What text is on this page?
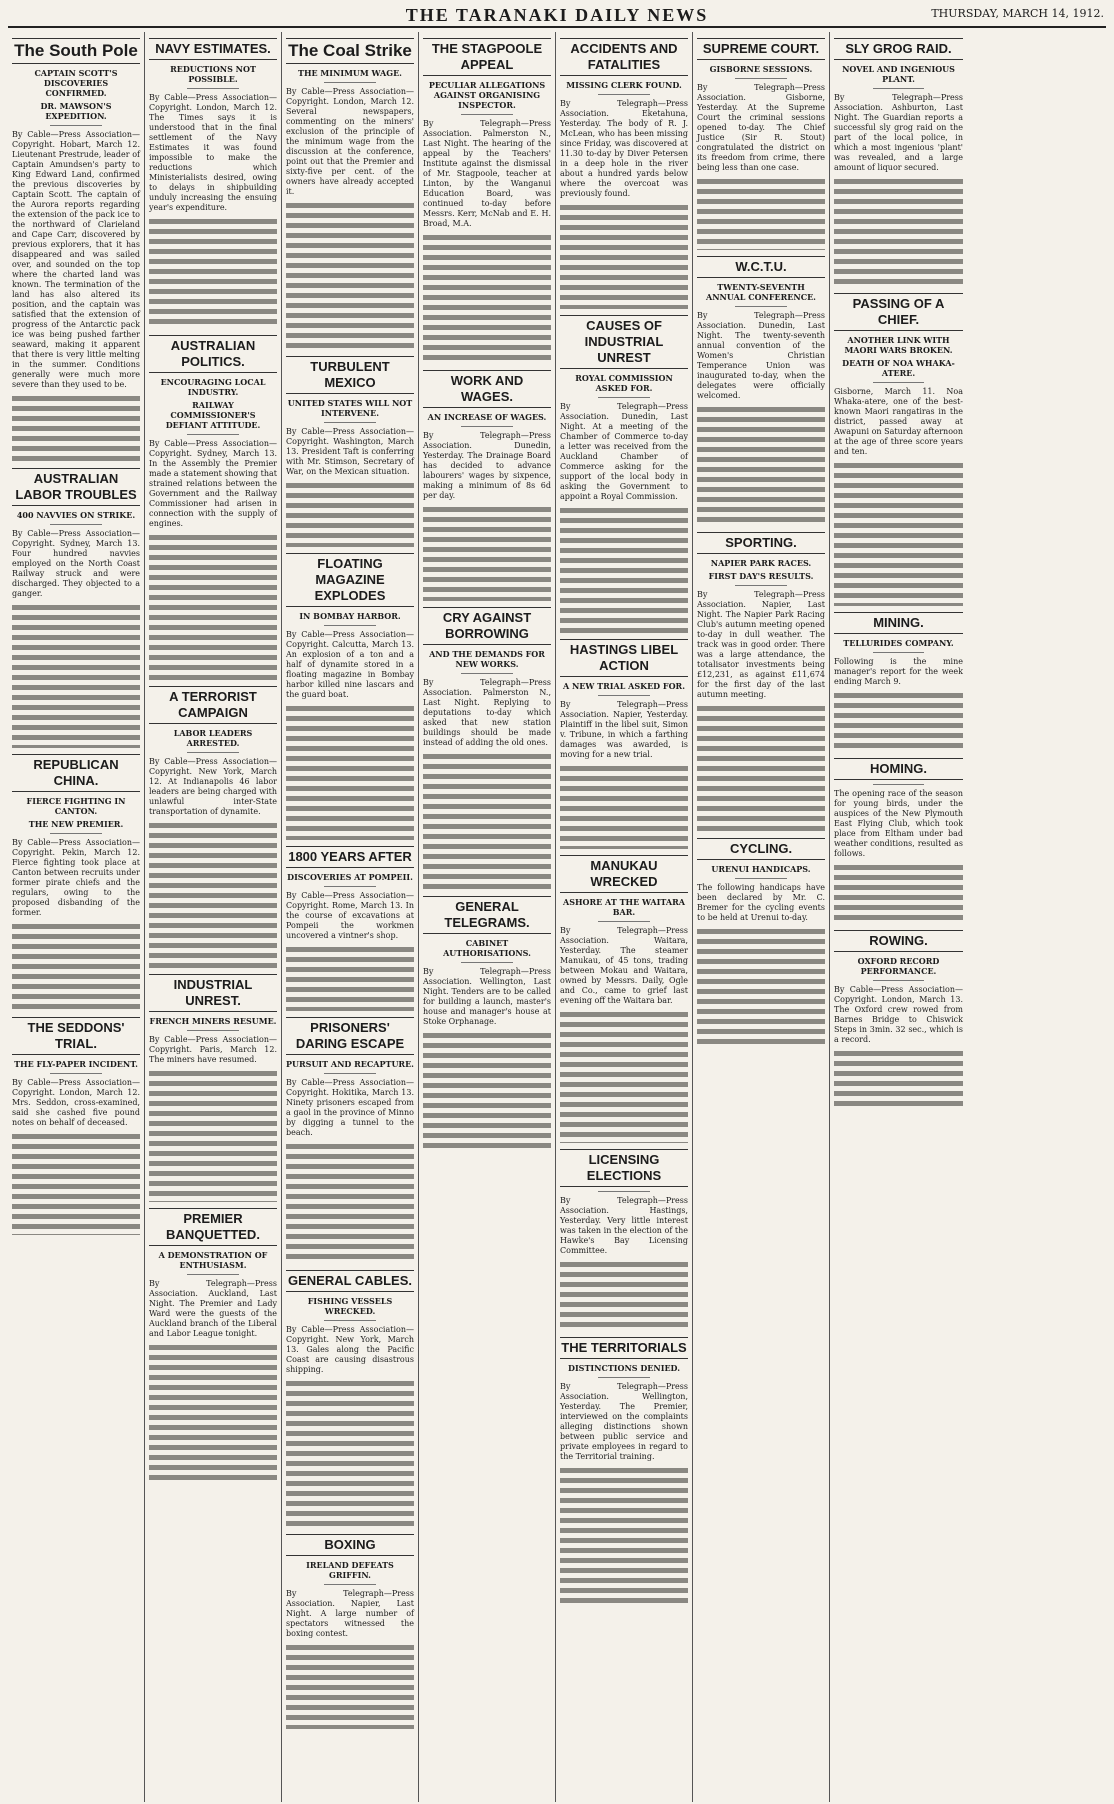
THE TARANAKI DAILY NEWS	THURSDAY, MARCH 14, 1912.
The South Pole
CAPTAIN SCOTT'S DISCOVERIES CONFIRMED.
DR. MAWSON'S EXPEDITION.
By Cable—Press Association—Copyright. Hobart, March 12. Lieutenant Prestrude, leader of Captain Amundsen's party to King Edward Land, confirmed the previous discoveries by Captain Scott. The captain of the Aurora reports regarding the extension of the pack ice to the northward of Clarieland and Cape Carr, discovered by previous explorers, that it has disappeared and was sailed over, and sounded on the top where the charted land was known. The termination of the land has also altered its position, and the captain was satisfied that the extension of progress of the Antarctic pack ice was being pushed farther seaward, making it apparent that there is very little melting in the summer. Conditions generally were much more severe than they used to be.
AUSTRALIAN LABOR TROUBLES
400 NAVVIES ON STRIKE.
By Cable—Press Association—Copyright. Sydney, March 13. Four hundred navvies employed on the North Coast Railway struck and were discharged. They objected to a ganger.
REPUBLICAN CHINA.
FIERCE FIGHTING IN CANTON.
THE NEW PREMIER.
By Cable—Press Association—Copyright. Pekin, March 12. Fierce fighting took place at Canton between recruits under former pirate chiefs and the regulars, owing to the proposed disbanding of the former.
THE SEDDONS' TRIAL.
THE FLY-PAPER INCIDENT.
By Cable—Press Association—Copyright. London, March 12. Mrs. Seddon, cross-examined, said she cashed five pound notes on behalf of deceased.
NAVY ESTIMATES.
REDUCTIONS NOT POSSIBLE.
By Cable—Press Association—Copyright. London, March 12. The Times says it is understood that in the final settlement of the Navy Estimates it was found impossible to make the reductions which Ministerialists desired, owing to delays in shipbuilding unduly increasing the ensuing year's expenditure.
AUSTRALIAN POLITICS.
ENCOURAGING LOCAL INDUSTRY.
RAILWAY COMMISSIONER'S DEFIANT ATTITUDE.
By Cable—Press Association—Copyright. Sydney, March 13. In the Assembly the Premier made a statement showing that strained relations between the Government and the Railway Commissioner had arisen in connection with the supply of engines.
A TERRORIST CAMPAIGN
LABOR LEADERS ARRESTED.
By Cable—Press Association—Copyright. New York, March 12. At Indianapolis 46 labor leaders are being charged with unlawful inter-State transportation of dynamite.
INDUSTRIAL UNREST.
FRENCH MINERS RESUME.
By Cable—Press Association—Copyright. Paris, March 12. The miners have resumed.
PREMIER BANQUETTED.
A DEMONSTRATION OF ENTHUSIASM.
By Telegraph—Press Association. Auckland, Last Night. The Premier and Lady Ward were the guests of the Auckland branch of the Liberal and Labor League tonight.
The Coal Strike
THE MINIMUM WAGE.
By Cable—Press Association—Copyright. London, March 12. Several newspapers, commenting on the miners' exclusion of the principle of the minimum wage from the discussion at the conference, point out that the Premier and sixty-five per cent. of the owners have already accepted it.
TURBULENT MEXICO
UNITED STATES WILL NOT INTERVENE.
By Cable—Press Association—Copyright. Washington, March 13. President Taft is conferring with Mr. Stimson, Secretary of War, on the Mexican situation.
FLOATING MAGAZINE EXPLODES
IN BOMBAY HARBOR.
By Cable—Press Association—Copyright. Calcutta, March 13. An explosion of a ton and a half of dynamite stored in a floating magazine in Bombay harbor killed nine lascars and the guard boat.
1800 YEARS AFTER
DISCOVERIES AT POMPEII.
By Cable—Press Association—Copyright. Rome, March 13. In the course of excavations at Pompeii the workmen uncovered a vintner's shop.
PRISONERS' DARING ESCAPE
PURSUIT AND RECAPTURE.
By Cable—Press Association—Copyright. Hokitika, March 13. Ninety prisoners escaped from a gaol in the province of Minno by digging a tunnel to the beach.
GENERAL CABLES.
FISHING VESSELS WRECKED.
By Cable—Press Association—Copyright. New York, March 13. Gales along the Pacific Coast are causing disastrous shipping.
BOXING
IRELAND DEFEATS GRIFFIN.
By Telegraph—Press Association. Napier, Last Night. A large number of spectators witnessed the boxing contest.
THE STAGPOOLE APPEAL
PECULIAR ALLEGATIONS AGAINST ORGANISING INSPECTOR.
By Telegraph—Press Association. Palmerston N., Last Night. The hearing of the appeal by the Teachers' Institute against the dismissal of Mr. Stagpoole, teacher at Linton, by the Wanganui Education Board, was continued to-day before Messrs. Kerr, McNab and E. H. Broad, M.A.
WORK AND WAGES.
AN INCREASE OF WAGES.
By Telegraph—Press Association. Dunedin, Yesterday. The Drainage Board has decided to advance labourers' wages by sixpence, making a minimum of 8s 6d per day.
CRY AGAINST BORROWING
AND THE DEMANDS FOR NEW WORKS.
By Telegraph—Press Association. Palmerston N., Last Night. Replying to deputations to-day which asked that new station buildings should be made instead of adding the old ones.
GENERAL TELEGRAMS.
CABINET AUTHORISATIONS.
By Telegraph—Press Association. Wellington, Last Night. Tenders are to be called for building a launch, master's house and manager's house at Stoke Orphanage.
ACCIDENTS AND FATALITIES
MISSING CLERK FOUND.
By Telegraph—Press Association. Eketahuna, Yesterday. The body of R. J. McLean, who has been missing since Friday, was discovered at 11.30 to-day by Diver Petersen in a deep hole in the river about a hundred yards below where the overcoat was previously found.
CAUSES OF INDUSTRIAL UNREST
ROYAL COMMISSION ASKED FOR.
By Telegraph—Press Association. Dunedin, Last Night. At a meeting of the Chamber of Commerce to-day a letter was received from the Auckland Chamber of Commerce asking for the support of the local body in asking the Government to appoint a Royal Commission.
HASTINGS LIBEL ACTION
A NEW TRIAL ASKED FOR.
By Telegraph—Press Association. Napier, Yesterday. Plaintiff in the libel suit, Simon v. Tribune, in which a farthing damages was awarded, is moving for a new trial.
MANUKAU WRECKED
ASHORE AT THE WAITARA BAR.
By Telegraph—Press Association. Waitara, Yesterday. The steamer Manukau, of 45 tons, trading between Mokau and Waitara, owned by Messrs. Daily, Ogle and Co., came to grief last evening off the Waitara bar.
LICENSING ELECTIONS
By Telegraph—Press Association. Hastings, Yesterday. Very little interest was taken in the election of the Hawke's Bay Licensing Committee.
THE TERRITORIALS
DISTINCTIONS DENIED.
By Telegraph—Press Association. Wellington, Yesterday. The Premier, interviewed on the complaints alleging distinctions shown between public service and private employees in regard to the Territorial training.
SUPREME COURT.
GISBORNE SESSIONS.
By Telegraph—Press Association. Gisborne, Yesterday. At the Supreme Court the criminal sessions opened to-day. The Chief Justice (Sir R. Stout) congratulated the district on its freedom from crime, there being less than one case.
W.C.T.U.
TWENTY-SEVENTH ANNUAL CONFERENCE.
By Telegraph—Press Association. Dunedin, Last Night. The twenty-seventh annual convention of the Women's Christian Temperance Union was inaugurated to-day, when the delegates were officially welcomed.
SPORTING.
NAPIER PARK RACES.
FIRST DAY'S RESULTS.
By Telegraph—Press Association. Napier, Last Night. The Napier Park Racing Club's autumn meeting opened to-day in dull weather. The track was in good order. There was a large attendance, the totalisator investments being £12,231, as against £11,674 for the first day of the last autumn meeting.
CYCLING.
URENUI HANDICAPS.
The following handicaps have been declared by Mr. C. Bremer for the cycling events to be held at Urenui to-day.
SLY GROG RAID.
NOVEL AND INGENIOUS PLANT.
By Telegraph—Press Association. Ashburton, Last Night. The Guardian reports a successful sly grog raid on the part of the local police, in which a most ingenious 'plant' was revealed, and a large amount of liquor secured.
PASSING OF A CHIEF.
ANOTHER LINK WITH MAORI WARS BROKEN.
DEATH OF NOA WHAKA-ATERE.
Gisborne, March 11. Noa Whaka-atere, one of the best-known Maori rangatiras in the district, passed away at Awapuni on Saturday afternoon at the age of three score years and ten.
MINING.
TELLURIDES COMPANY.
Following is the mine manager's report for the week ending March 9.
HOMING.
The opening race of the season for young birds, under the auspices of the New Plymouth East Flying Club, which took place from Eltham under bad weather conditions, resulted as follows.
ROWING.
OXFORD RECORD PERFORMANCE.
By Cable—Press Association—Copyright. London, March 13. The Oxford crew rowed from Barnes Bridge to Chiswick Steps in 3min. 32 sec., which is a record.
